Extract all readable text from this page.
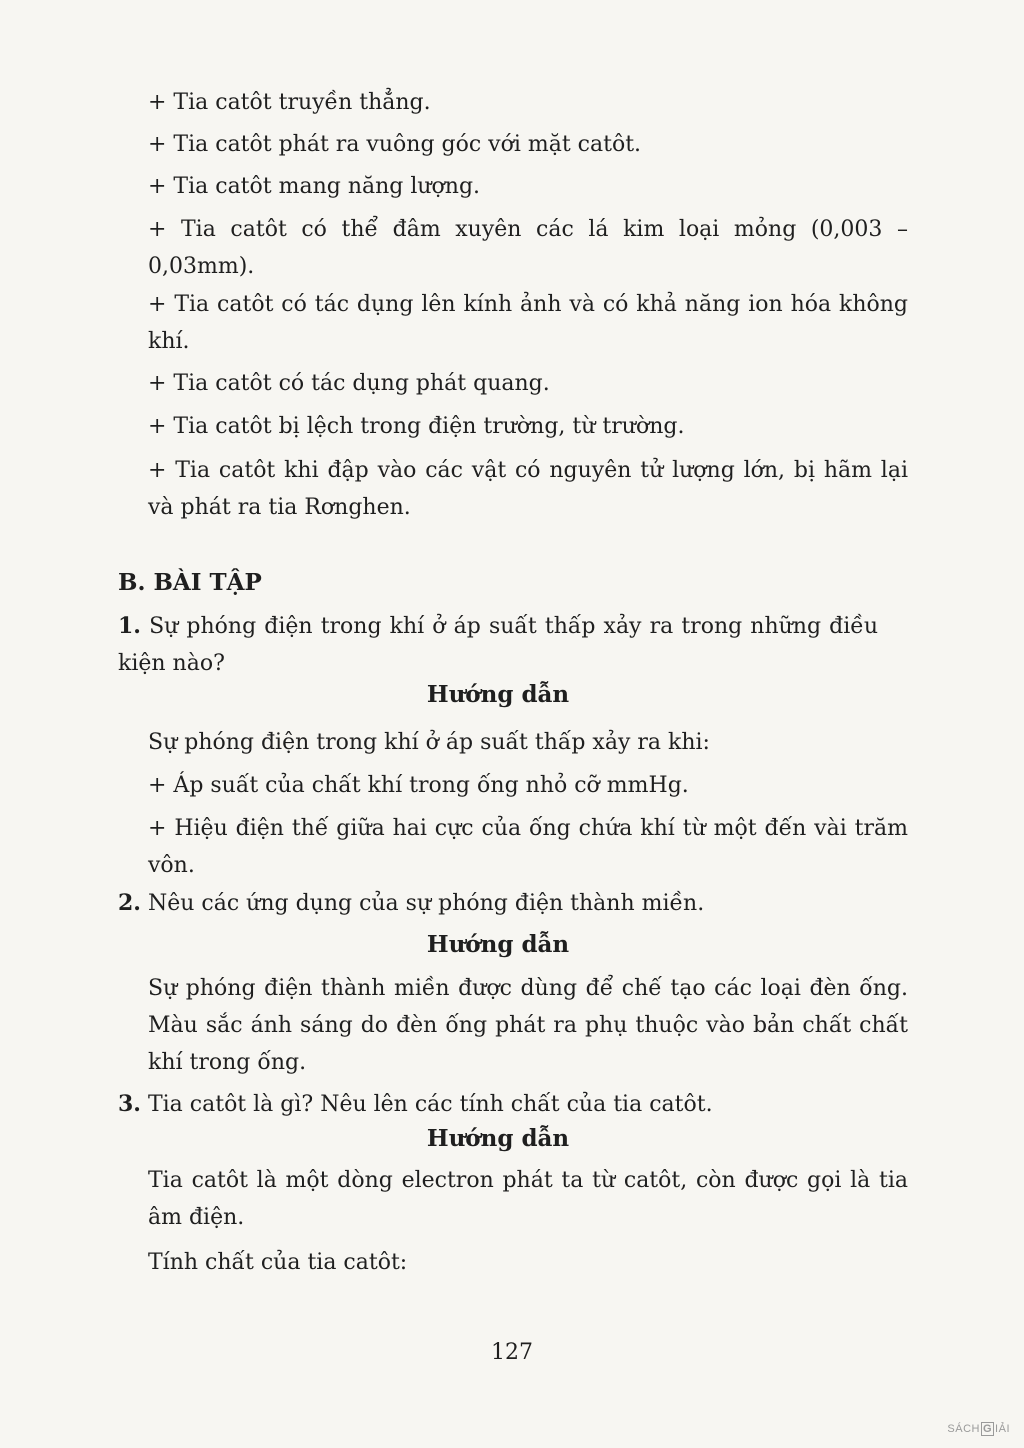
+ Tia catôt truyền thẳng.
+ Tia catôt phát ra vuông góc với mặt catôt.
+ Tia catôt mang năng lượng.
+ Tia catôt có thể đâm xuyên các lá kim loại mỏng (0,003 – 0,03mm).
+ Tia catôt có tác dụng lên kính ảnh và có khả năng ion hóa không khí.
+ Tia catôt có tác dụng phát quang.
+ Tia catôt bị lệch trong điện trường, từ trường.
+ Tia catôt khi đập vào các vật có nguyên tử lượng lớn, bị hãm lại và phát ra tia Rơnghen.
B. BÀI TẬP
1. Sự phóng điện trong khí ở áp suất thấp xảy ra trong những điều kiện nào?
Hướng dẫn
Sự phóng điện trong khí ở áp suất thấp xảy ra khi:
+ Áp suất của chất khí trong ống nhỏ cỡ mmHg.
+ Hiệu điện thế giữa hai cực của ống chứa khí từ một đến vài trăm vôn.
2. Nêu các ứng dụng của sự phóng điện thành miền.
Hướng dẫn
Sự phóng điện thành miền được dùng để chế tạo các loại đèn ống. Màu sắc ánh sáng do đèn ống phát ra phụ thuộc vào bản chất chất khí trong ống.
3. Tia catôt là gì? Nêu lên các tính chất của tia catôt.
Hướng dẫn
Tia catôt là một dòng electron phát ta từ catôt, còn được gọi là tia âm điện.
Tính chất của tia catôt:
127
SÁCH G IẢI
